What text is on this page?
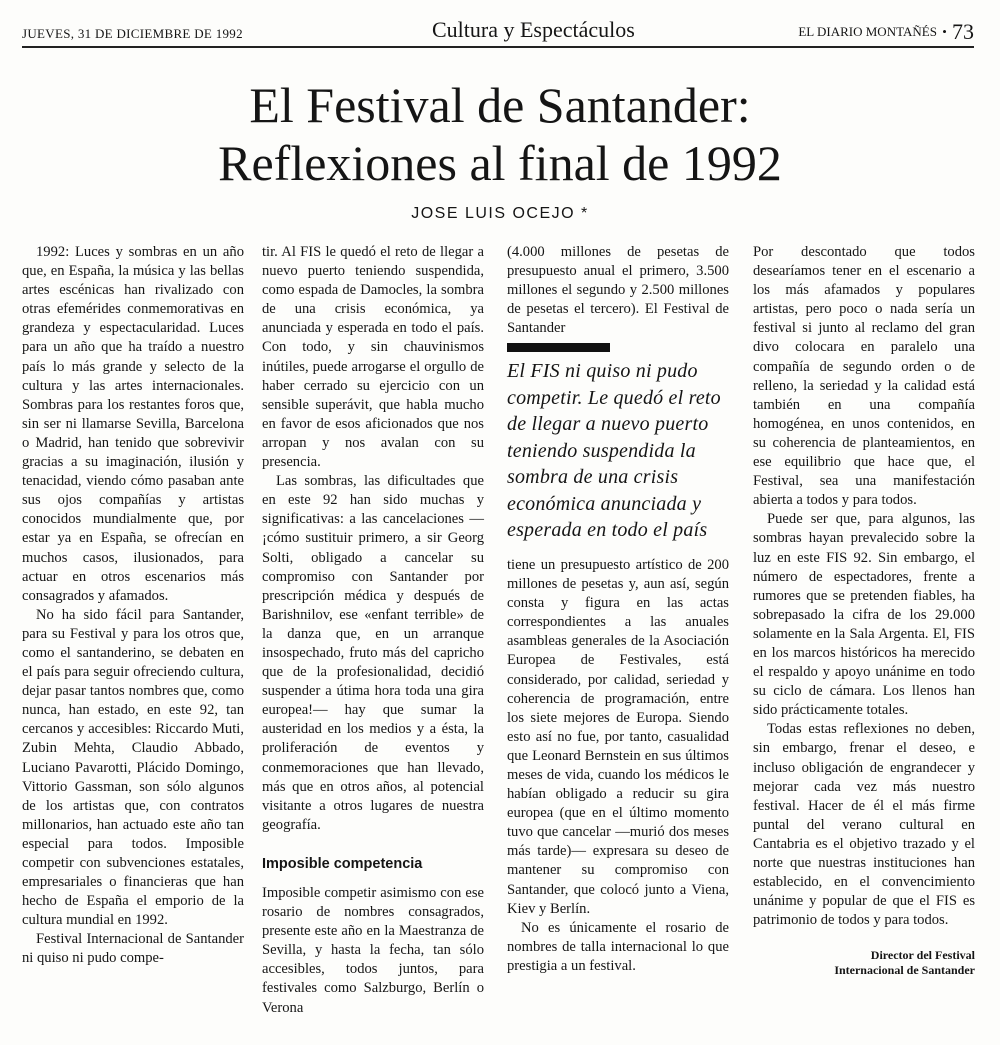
JUEVES, 31 DE DICIEMBRE DE 1992	Cultura y Espectáculos	EL DIARIO MONTAÑÉS • 73
El Festival de Santander:
Reflexiones al final de 1992
JOSE LUIS OCEJO *

1992: Luces y sombras en un año que, en España, la música y las bellas artes escénicas han rivalizado con otras efemérides conmemorativas en grandeza y espectacularidad. Luces para un año que ha traído a nuestro país lo más grande y selecto de la cultura y las artes internacionales. Sombras para los restantes foros que, sin ser ni llamarse Sevilla, Barcelona o Madrid, han tenido que sobrevivir gracias a su imaginación, ilusión y tenacidad, viendo cómo pasaban ante sus ojos compañías y artistas conocidos mundialmente que, por estar ya en España, se ofrecían en muchos casos, ilusionados, para actuar en otros escenarios más consagrados y afamados.

No ha sido fácil para Santander, para su Festival y para los otros que, como el santanderino, se debaten en el país para seguir ofreciendo cultura, dejar pasar tantos nombres que, como nunca, han estado, en este 92, tan cercanos y accesibles: Riccardo Muti, Zubin Mehta, Claudio Abbado, Luciano Pavarotti, Plácido Domingo, Vittorio Gassman, son sólo algunos de los artistas que, con contratos millonarios, han actuado este año tan especial para todos. Imposible competir con subvenciones estatales, empresariales o financieras que han hecho de España el emporio de la cultura mundial en 1992.

Festival Internacional de Santander ni quiso ni pudo compe-

tir. Al FIS le quedó el reto de llegar a nuevo puerto teniendo suspendida, como espada de Damocles, la sombra de una crisis económica, ya anunciada y esperada en todo el país. Con todo, y sin chauvinismos inútiles, puede arrogarse el orgullo de haber cerrado su ejercicio con un sensible superávit, que habla mucho en favor de esos aficionados que nos arropan y nos avalan con su presencia.

Las sombras, las dificultades que en este 92 han sido muchas y significativas: a las cancelaciones —¡cómo sustituir primero, a sir Georg Solti, obligado a cancelar su compromiso con Santander por prescripción médica y después de Barishnilov, ese «enfant terrible» de la danza que, en un arranque insospechado, fruto más del capricho que de la profesionalidad, decidió suspender a útima hora toda una gira europea!— hay que sumar la austeridad en los medios y a ésta, la proliferación de eventos y conmemoraciones que han llevado, más que en otros años, al potencial visitante a otros lugares de nuestra geografía.

Imposible competencia

Imposible competir asimismo con ese rosario de nombres consagrados, presente este año en la Maestranza de Sevilla, y hasta la fecha, tan sólo accesibles, todos juntos, para festivales como Salzburgo, Berlín o Verona

(4.000 millones de pesetas de presupuesto anual el primero, 3.500 millones el segundo y 2.500 millones de pesetas el tercero). El Festival de Santander

El FIS ni quiso ni pudo competir. Le quedó el reto de llegar a nuevo puerto teniendo suspendida la sombra de una crisis económica anunciada y esperada en todo el país

tiene un presupuesto artístico de 200 millones de pesetas y, aun así, según consta y figura en las actas correspondientes a las anuales asambleas generales de la Asociación Europea de Festivales, está considerado, por calidad, seriedad y coherencia de programación, entre los siete mejores de Europa. Siendo esto así no fue, por tanto, casualidad que Leonard Bernstein en sus últimos meses de vida, cuando los médicos le habían obligado a reducir su gira europea (que en el último momento tuvo que cancelar —murió dos meses más tarde)— expresara su deseo de mantener su compromiso con Santander, que colocó junto a Viena, Kiev y Berlín.

No es únicamente el rosario de nombres de talla internacional lo que prestigia a un festival.

Por descontado que todos desearíamos tener en el escenario a los más afamados y populares artistas, pero poco o nada sería un festival si junto al reclamo del gran divo colocara en paralelo una compañía de segundo orden o de relleno, la seriedad y la calidad está también en una compañía homogénea, en unos contenidos, en su coherencia de planteamientos, en ese equilibrio que hace que, el Festival, sea una manifestación abierta a todos y para todos.

Puede ser que, para algunos, las sombras hayan prevalecido sobre la luz en este FIS 92. Sin embargo, el número de espectadores, frente a rumores que se pretenden fiables, ha sobrepasado la cifra de los 29.000 solamente en la Sala Argenta. El, FIS en los marcos históricos ha merecido el respaldo y apoyo unánime en todo su ciclo de cámara. Los llenos han sido prácticamente totales.

Todas estas reflexiones no deben, sin embargo, frenar el deseo, e incluso obligación de engrandecer y mejorar cada vez más nuestro festival. Hacer de él el más firme puntal del verano cultural en Cantabria es el objetivo trazado y el norte que nuestras instituciones han establecido, en el convencimiento unánime y popular de que el FIS es patrimonio de todos y para todos.

Director del Festival
Internacional de Santander
